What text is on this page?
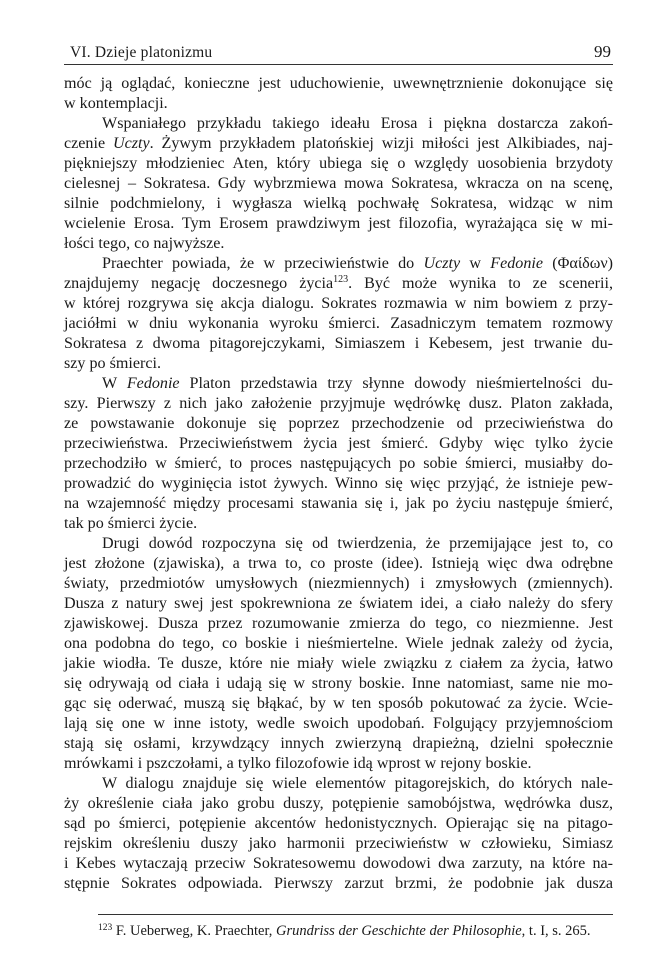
VI. Dzieje platonizmu	99
móc ją oglądać, konieczne jest uduchowienie, uwewnętrznienie dokonujące się
w kontemplacji.
Wspaniałego przykładu takiego ideału Erosa i piękna dostarcza zakoń-
czenie Uczty. Żywym przykładem platońskiej wizji miłości jest Alkibiades, naj-
piękniejszy młodzieniec Aten, który ubiega się o względy uosobienia brzydoty
cielesnej – Sokratesa. Gdy wybrzmiewa mowa Sokratesa, wkracza on na scenę,
silnie podchmielony, i wygłasza wielką pochwałę Sokratesa, widząc w nim
wcielenie Erosa. Tym Erosem prawdziwym jest filozofia, wyrażająca się w mi-
łości tego, co najwyższe.
Praechter powiada, że w przeciwieństwie do Uczty w Fedonie (Φαίδων)
znajdujemy negację doczesnego życia$^{123}$. Być może wynika to ze scenerii,
w której rozgrywa się akcja dialogu. Sokrates rozmawia w nim bowiem z przy-
jaciółmi w dniu wykonania wyroku śmierci. Zasadniczym tematem rozmowy
Sokratesa z dwoma pitagorejczykami, Simiaszem i Kebesem, jest trwanie du-
szy po śmierci.
W Fedonie Platon przedstawia trzy słynne dowody nieśmiertelności du-
szy. Pierwszy z nich jako założenie przyjmuje wędrówkę dusz. Platon zakłada,
ze powstawanie dokonuje się poprzez przechodzenie od przeciwieństwa do
przeciwieństwa. Przeciwieństwem życia jest śmierć. Gdyby więc tylko życie
przechodziło w śmierć, to proces następujących po sobie śmierci, musiałby do-
prowadzić do wyginięcia istot żywych. Winno się więc przyjąć, że istnieje pew-
na wzajemność między procesami stawania się i, jak po życiu następuje śmierć,
tak po śmierci życie.
Drugi dowód rozpoczyna się od twierdzenia, że przemijające jest to, co
jest złożone (zjawiska), a trwa to, co proste (idee). Istnieją więc dwa odrębne
światy, przedmiotów umysłowych (niezmiennych) i zmysłowych (zmiennych).
Dusza z natury swej jest spokrewniona ze światem idei, a ciało należy do sfery
zjawiskowej. Dusza przez rozumowanie zmierza do tego, co niezmienne. Jest
ona podobna do tego, co boskie i nieśmiertelne. Wiele jednak zależy od życia,
jakie wiodła. Te dusze, które nie miały wiele związku z ciałem za życia, łatwo
się odrywają od ciała i udają się w strony boskie. Inne natomiast, same nie mo-
gąc się oderwać, muszą się błąkać, by w ten sposób pokutować za życie. Wcie-
lają się one w inne istoty, wedle swoich upodobań. Folgujący przyjemnościom
stają się osłami, krzywdzący innych zwierzyną drapieżną, dzielni społecznie
mrówkami i pszczołami, a tylko filozofowie idą wprost w rejony boskie.
W dialogu znajduje się wiele elementów pitagorejskich, do których nale-
ży określenie ciała jako grobu duszy, potępienie samobójstwa, wędrówka dusz,
sąd po śmierci, potępienie akcentów hedonistycznych. Opierając się na pitago-
rejskim określeniu duszy jako harmonii przeciwieństw w człowieku, Simiasz
i Kebes wytaczają przeciw Sokratesowemu dowodowi dwa zarzuty, na które na-
stępnie Sokrates odpowiada. Pierwszy zarzut brzmi, że podobnie jak dusza
$^{123}$ F. Ueberweg, K. Praechter, Grundriss der Geschichte der Philosophie, t. I, s. 265.
